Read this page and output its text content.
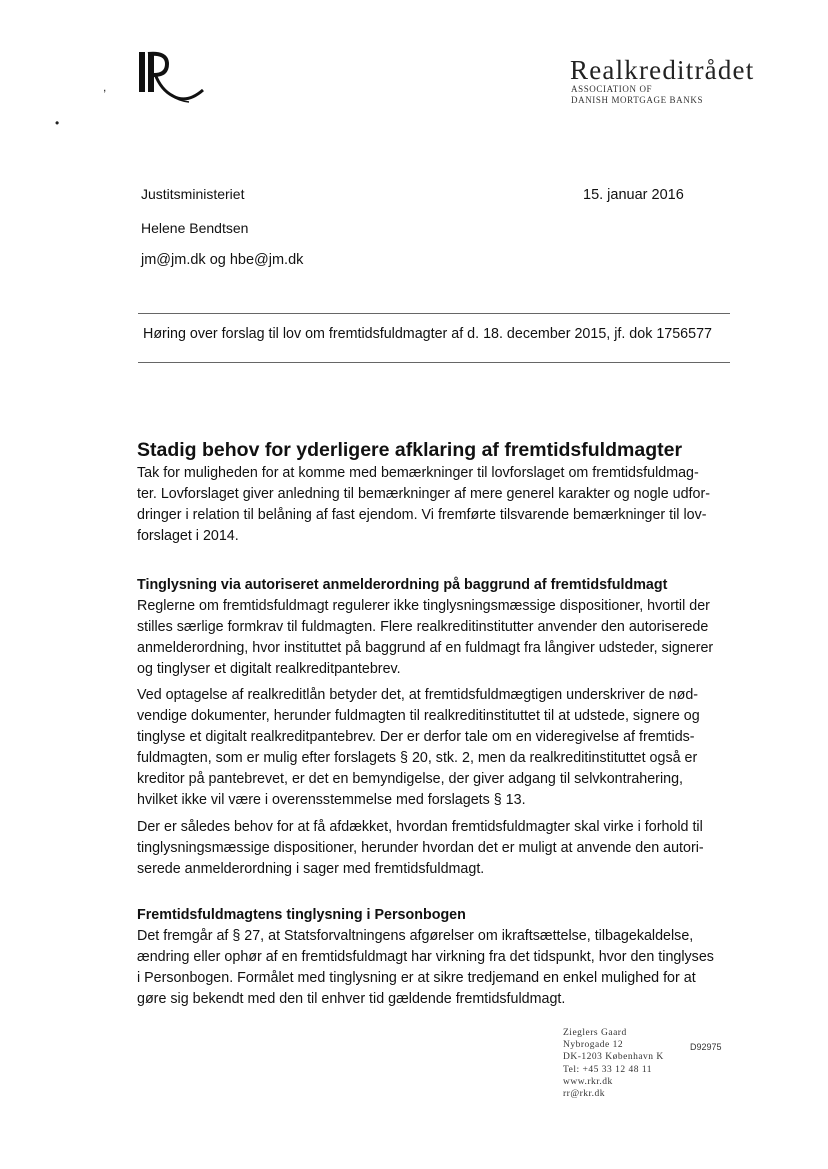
,
•
Realkreditrådet
ASSOCIATION OF
DANISH MORTGAGE BANKS
Justitsministeriet
Helene Bendtsen
jm@jm.dk og hbe@jm.dk
15. januar 2016
Høring over forslag til lov om fremtidsfuldmagter af d. 18. december 2015, jf. dok 1756577
Stadig behov for yderligere afklaring af fremtidsfuldmagter
Tak for muligheden for at komme med bemærkninger til lovforslaget om fremtidsfuldmag-
ter. Lovforslaget giver anledning til bemærkninger af mere generel karakter og nogle udfor-
dringer i relation til belåning af fast ejendom. Vi fremførte tilsvarende bemærkninger til lov-
forslaget i 2014.
Tinglysning via autoriseret anmelderordning på baggrund af fremtidsfuldmagt
Reglerne om fremtidsfuldmagt regulerer ikke tinglysningsmæssige dispositioner, hvortil der
stilles særlige formkrav til fuldmagten. Flere realkreditinstitutter anvender den autoriserede
anmelderordning, hvor instituttet på baggrund af en fuldmagt fra långiver udsteder, signerer
og tinglyser et digitalt realkreditpantebrev.
Ved optagelse af realkreditlån betyder det, at fremtidsfuldmægtigen underskriver de nød-
vendige dokumenter, herunder fuldmagten til realkreditinstituttet til at udstede, signere og
tinglyse et digitalt realkreditpantebrev. Der er derfor tale om en videregivelse af fremtids-
fuldmagten, som er mulig efter forslagets § 20, stk. 2, men da realkreditinstituttet også er
kreditor på pantebrevet, er det en bemyndigelse, der giver adgang til selvkontrahering,
hvilket ikke vil være i overensstemmelse med forslagets § 13.
Der er således behov for at få afdækket, hvordan fremtidsfuldmagter skal virke i forhold til
tinglysningsmæssige dispositioner, herunder hvordan det er muligt at anvende den autori-
serede anmelderordning i sager med fremtidsfuldmagt.
Fremtidsfuldmagtens tinglysning i Personbogen
Det fremgår af § 27, at Statsforvaltningens afgørelser om ikraftsættelse, tilbagekaldelse,
ændring eller ophør af en fremtidsfuldmagt har virkning fra det tidspunkt, hvor den tinglyses
i Personbogen. Formålet med tinglysning er at sikre tredjemand en enkel mulighed for at
gøre sig bekendt med den til enhver tid gældende fremtidsfuldmagt.
Zieglers Gaard
Nybrogade 12
DK-1203 København K
Tel: +45 33 12 48 11
www.rkr.dk
rr@rkr.dk
D92975
